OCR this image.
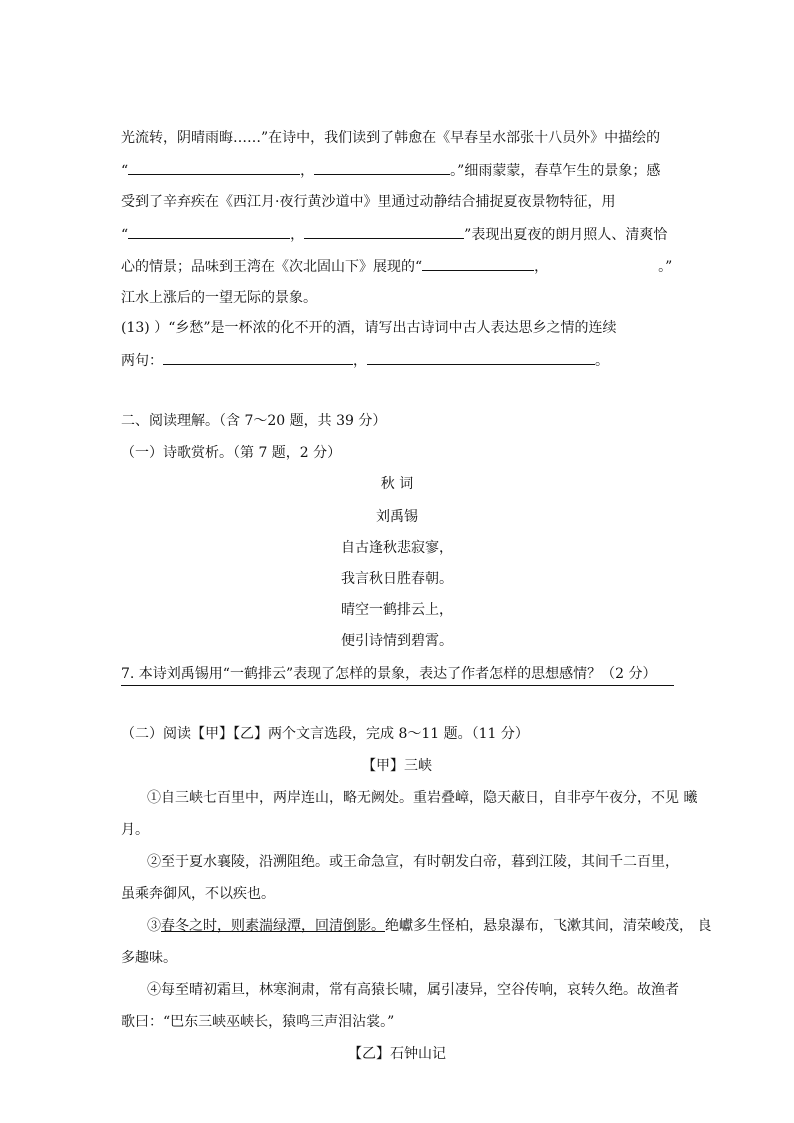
光流转，阴晴雨晦……”在诗中，我们读到了韩愈在《早春呈水部张十八员外》中描绘的
“	，	。”细雨蒙蒙，春草乍生的景象；感
受到了辛弃疾在《西江月·夜行黄沙道中》里通过动静结合捕捉夏夜景物特征，用
“	，	”表现出夏夜的朗月照人、清爽恰
心的情景；品味到王湾在《次北固山下》展现的“	，	。”
江水上涨后的一望无际的景象。
(13) ）“乡愁”是一杯浓的化不开的酒，请写出古诗词中古人表达思乡之情的连续
两句：	，	。
二、阅读理解。（含 7～20 题，共 39 分）
（一）诗歌赏析。（第 7 题，2 分）
秋 词
刘禹锡
自古逢秋悲寂寥，
我言秋日胜春朝。
晴空一鹤排云上，
便引诗情到碧霄。
7. 本诗刘禹锡用“一鹤排云”表现了怎样的景象，表达了作者怎样的思想感情？（2 分）
（二）阅读【甲】【乙】两个文言选段，完成 8～11 题。（11 分）
【甲】三峡
①自三峡七百里中，两岸连山，略无阙处。重岩叠嶂，隐天蔽日，自非亭午夜分，不见 曦
月。
②至于夏水襄陵，沿溯阻绝。或王命急宣，有时朝发白帝，暮到江陵，其间千二百里，
虽乘奔御风，不以疾也。
③春冬之时，则素湍绿潭，回清倒影。绝巘多生怪柏，悬泉瀑布，飞漱其间，清荣峻茂， 良
多趣味。
④每至晴初霜旦，林寒涧肃，常有高猿长啸，属引凄异，空谷传响，哀转久绝。故渔者
歌曰：“巴东三峡巫峡长，猿鸣三声泪沾裳。”
【乙】石钟山记
